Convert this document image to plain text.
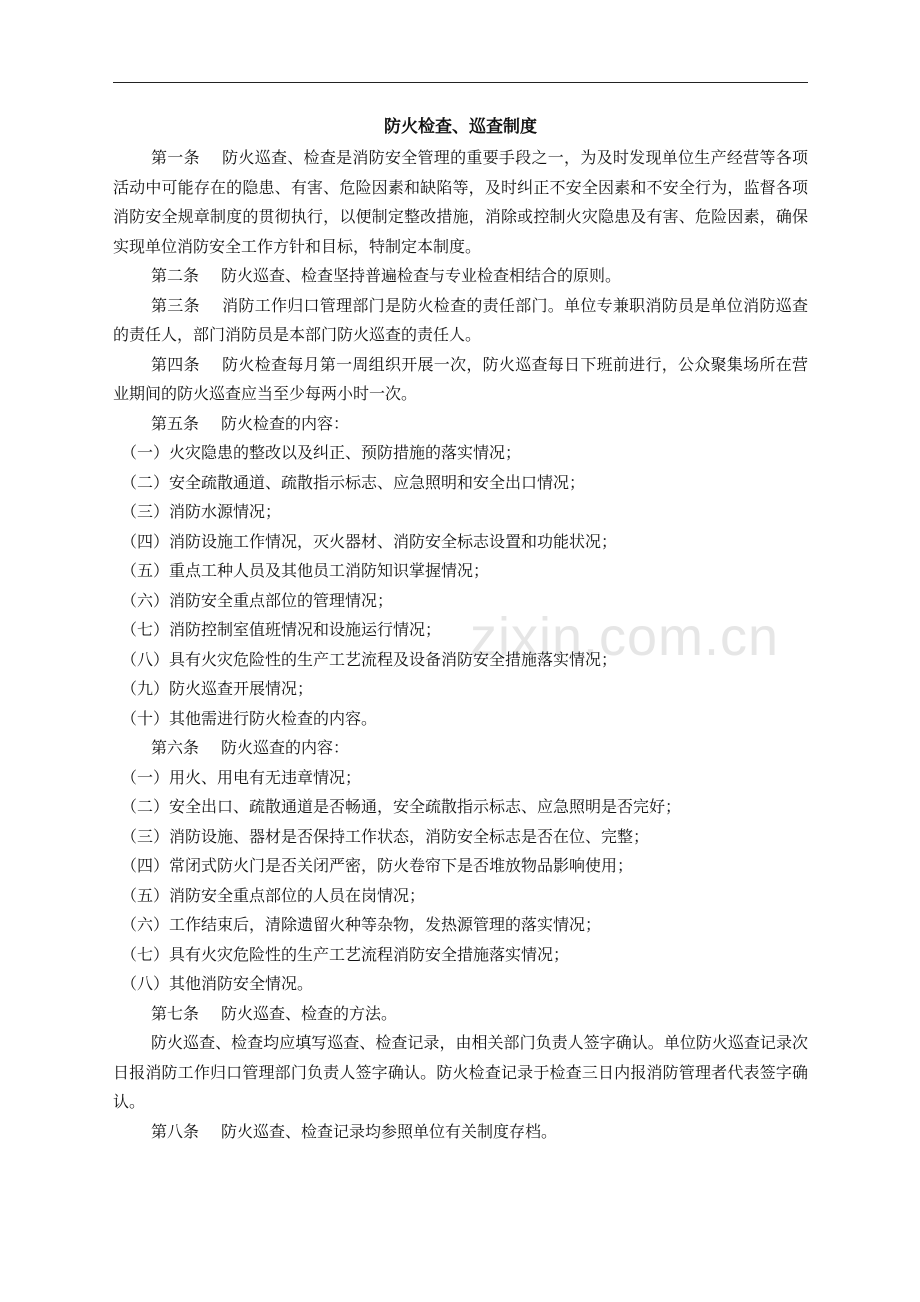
zixin.com.cn
防火检查、巡查制度

第一条 防火巡查、检查是消防安全管理的重要手段之一，为及时发现单位生产经营等各项活动中可能存在的隐患、有害、危险因素和缺陷等，及时纠正不安全因素和不安全行为，监督各项消防安全规章制度的贯彻执行，以便制定整改措施，消除或控制火灾隐患及有害、危险因素，确保实现单位消防安全工作方针和目标，特制定本制度。

第二条 防火巡查、检查坚持普遍检查与专业检查相结合的原则。

第三条 消防工作归口管理部门是防火检查的责任部门。单位专兼职消防员是单位消防巡查的责任人，部门消防员是本部门防火巡查的责任人。

第四条 防火检查每月第一周组织开展一次，防火巡查每日下班前进行，公众聚集场所在营业期间的防火巡查应当至少每两小时一次。

第五条 防火检查的内容：

（一）火灾隐患的整改以及纠正、预防措施的落实情况；

（二）安全疏散通道、疏散指示标志、应急照明和安全出口情况；

（三）消防水源情况；

（四）消防设施工作情况，灭火器材、消防安全标志设置和功能状况；

（五）重点工种人员及其他员工消防知识掌握情况；

（六）消防安全重点部位的管理情况；

（七）消防控制室值班情况和设施运行情况；

（八）具有火灾危险性的生产工艺流程及设备消防安全措施落实情况；

（九）防火巡查开展情况；

（十）其他需进行防火检查的内容。

第六条 防火巡查的内容：

（一）用火、用电有无违章情况；

（二）安全出口、疏散通道是否畅通，安全疏散指示标志、应急照明是否完好；

（三）消防设施、器材是否保持工作状态，消防安全标志是否在位、完整；

（四）常闭式防火门是否关闭严密，防火卷帘下是否堆放物品影响使用；

（五）消防安全重点部位的人员在岗情况；

（六）工作结束后，清除遗留火种等杂物，发热源管理的落实情况；

（七）具有火灾危险性的生产工艺流程消防安全措施落实情况；

（八）其他消防安全情况。

第七条 防火巡查、检查的方法。

防火巡查、检查均应填写巡查、检查记录，由相关部门负责人签字确认。单位防火巡查记录次日报消防工作归口管理部门负责人签字确认。防火检查记录于检查三日内报消防管理者代表签字确认。

第八条 防火巡查、检查记录均参照单位有关制度存档。
